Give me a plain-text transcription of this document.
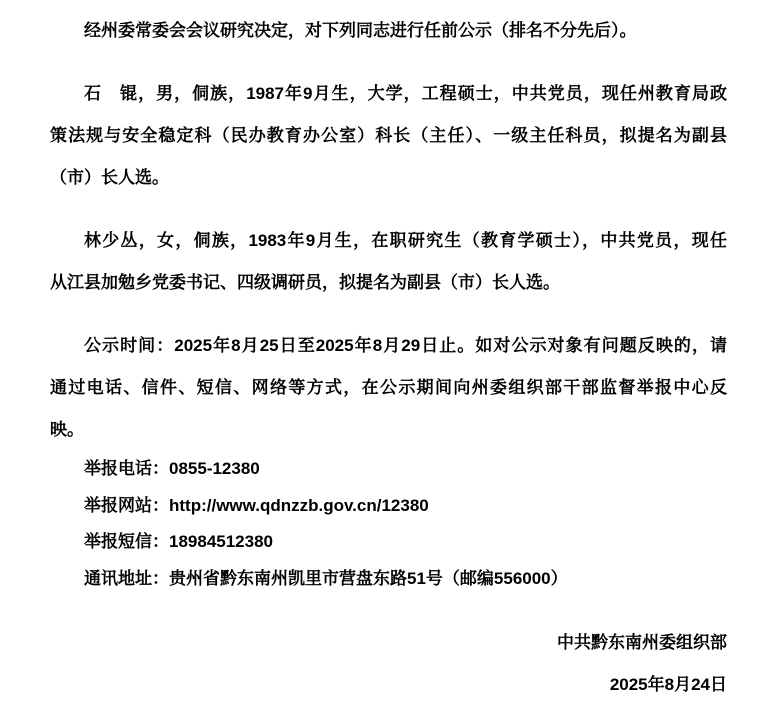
经州委常委会会议研究决定，对下列同志进行任前公示（排名不分先后）。
石　锟，男，侗族，1987年9月生，大学，工程硕士，中共党员，现任州教育局政
策法规与安全稳定科（民办教育办公室）科长（主任）、一级主任科员，拟提名为副县
（市）长人选。
林少丛，女，侗族，1983年9月生，在职研究生（教育学硕士），中共党员，现任
从江县加勉乡党委书记、四级调研员，拟提名为副县（市）长人选。
公示时间：2025年8月25日至2025年8月29日止。如对公示对象有问题反映的，请
通过电话、信件、短信、网络等方式，在公示期间向州委组织部干部监督举报中心反
映。
举报电话：0855-12380
举报网站：http://www.qdnzzb.gov.cn/12380
举报短信：18984512380
通讯地址：贵州省黔东南州凯里市营盘东路51号（邮编556000）
中共黔东南州委组织部
2025年8月24日
